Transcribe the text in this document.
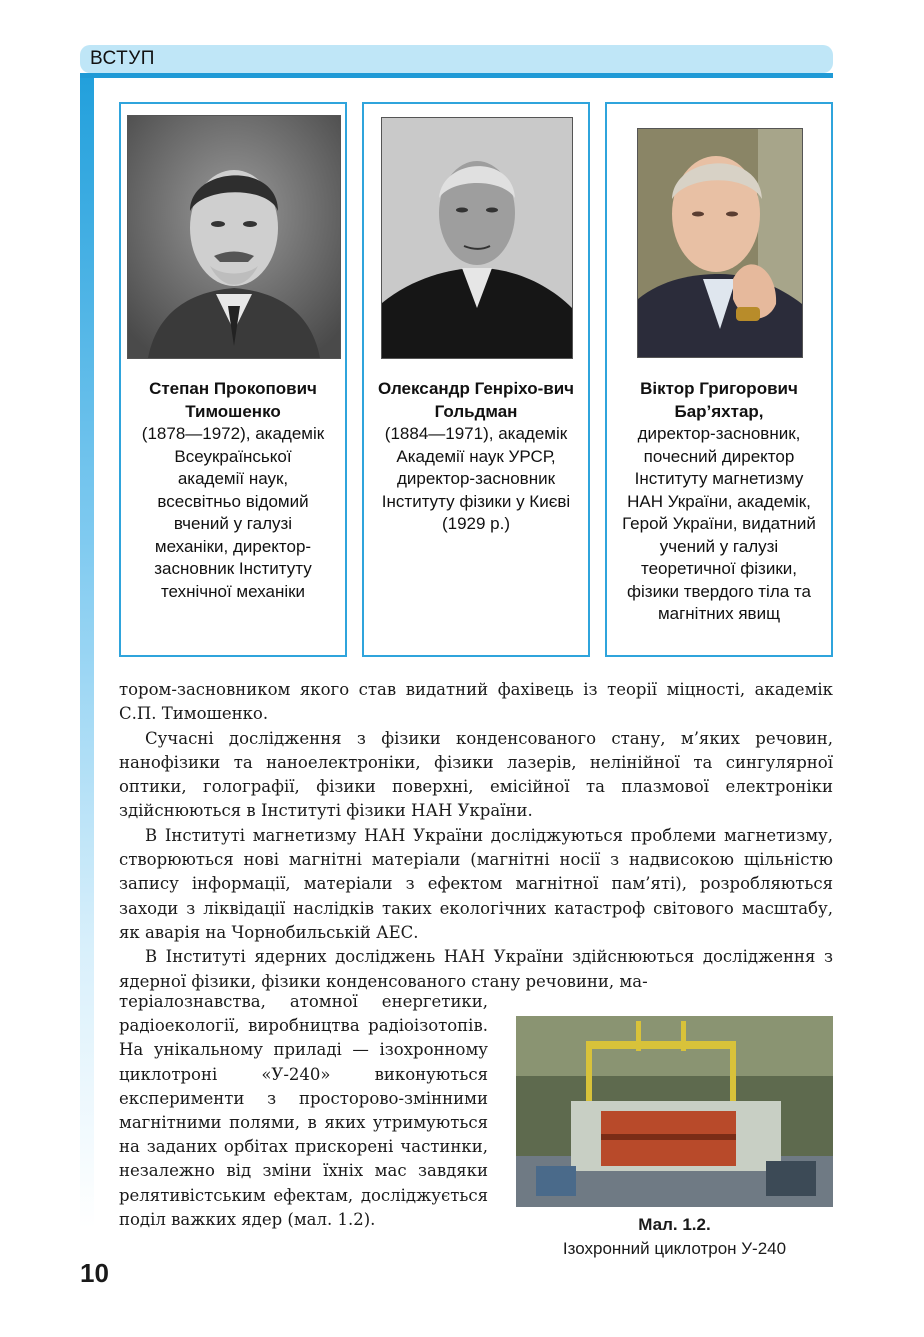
ВСТУП
Степан Прокопович Тимошенко
(1878—1972), академік Всеукраїнської академії наук, всесвітньо відомий вчений у галузі механіки, директор-засновник Інституту технічної механіки
Олександр Генріхо-вич Гольдман
(1884—1971), академік Академії наук УРСР, директор-засновник Інституту фізики у Києві (1929 р.)
Віктор Григорович Бар’яхтар,
директор-засновник, почесний директор Інституту магнетизму НАН України, академік, Герой України, видатний учений у галузі теоретичної фізики, фізики твердого тіла та магнітних явищ

тором-засновником якого став видатний фахівець із теорії міцності, академік С.П. Тимошенко.

Сучасні дослідження з фізики конденсованого стану, м’яких речовин, нанофізики та наноелектроніки, фізики лазерів, нелінійної та сингулярної оптики, голографії, фізики поверхні, емісійної та плазмової електроніки здійснюються в Інституті фізики НАН України.

В Інституті магнетизму НАН України досліджуються проблеми магнетизму, створюються нові магнітні матеріали (магнітні носії з надвисокою щільністю запису інформації, матеріали з ефектом магнітної пам’яті), розробляються заходи з ліквідації наслідків таких екологічних катастроф світового масштабу, як аварія на Чорнобильській АЕС.

В Інституті ядерних досліджень НАН України здійснюються дослідження з ядерної фізики, фізики конденсованого стану речовини, ма-

теріалознавства, атомної енергетики, радіоекології, виробництва радіоізотопів. На унікальному приладі — ізохронному циклотроні «У-240» виконуються експерименти з просторово-змінними магнітними полями, в яких утримуються на заданих орбітах прискорені частинки, незалежно від зміни їхніх мас завдяки релятивістським ефектам, досліджується поділ важких ядер (мал. 1.2).	Мал. 1.2.
Ізохронний циклотрон У-240
10
